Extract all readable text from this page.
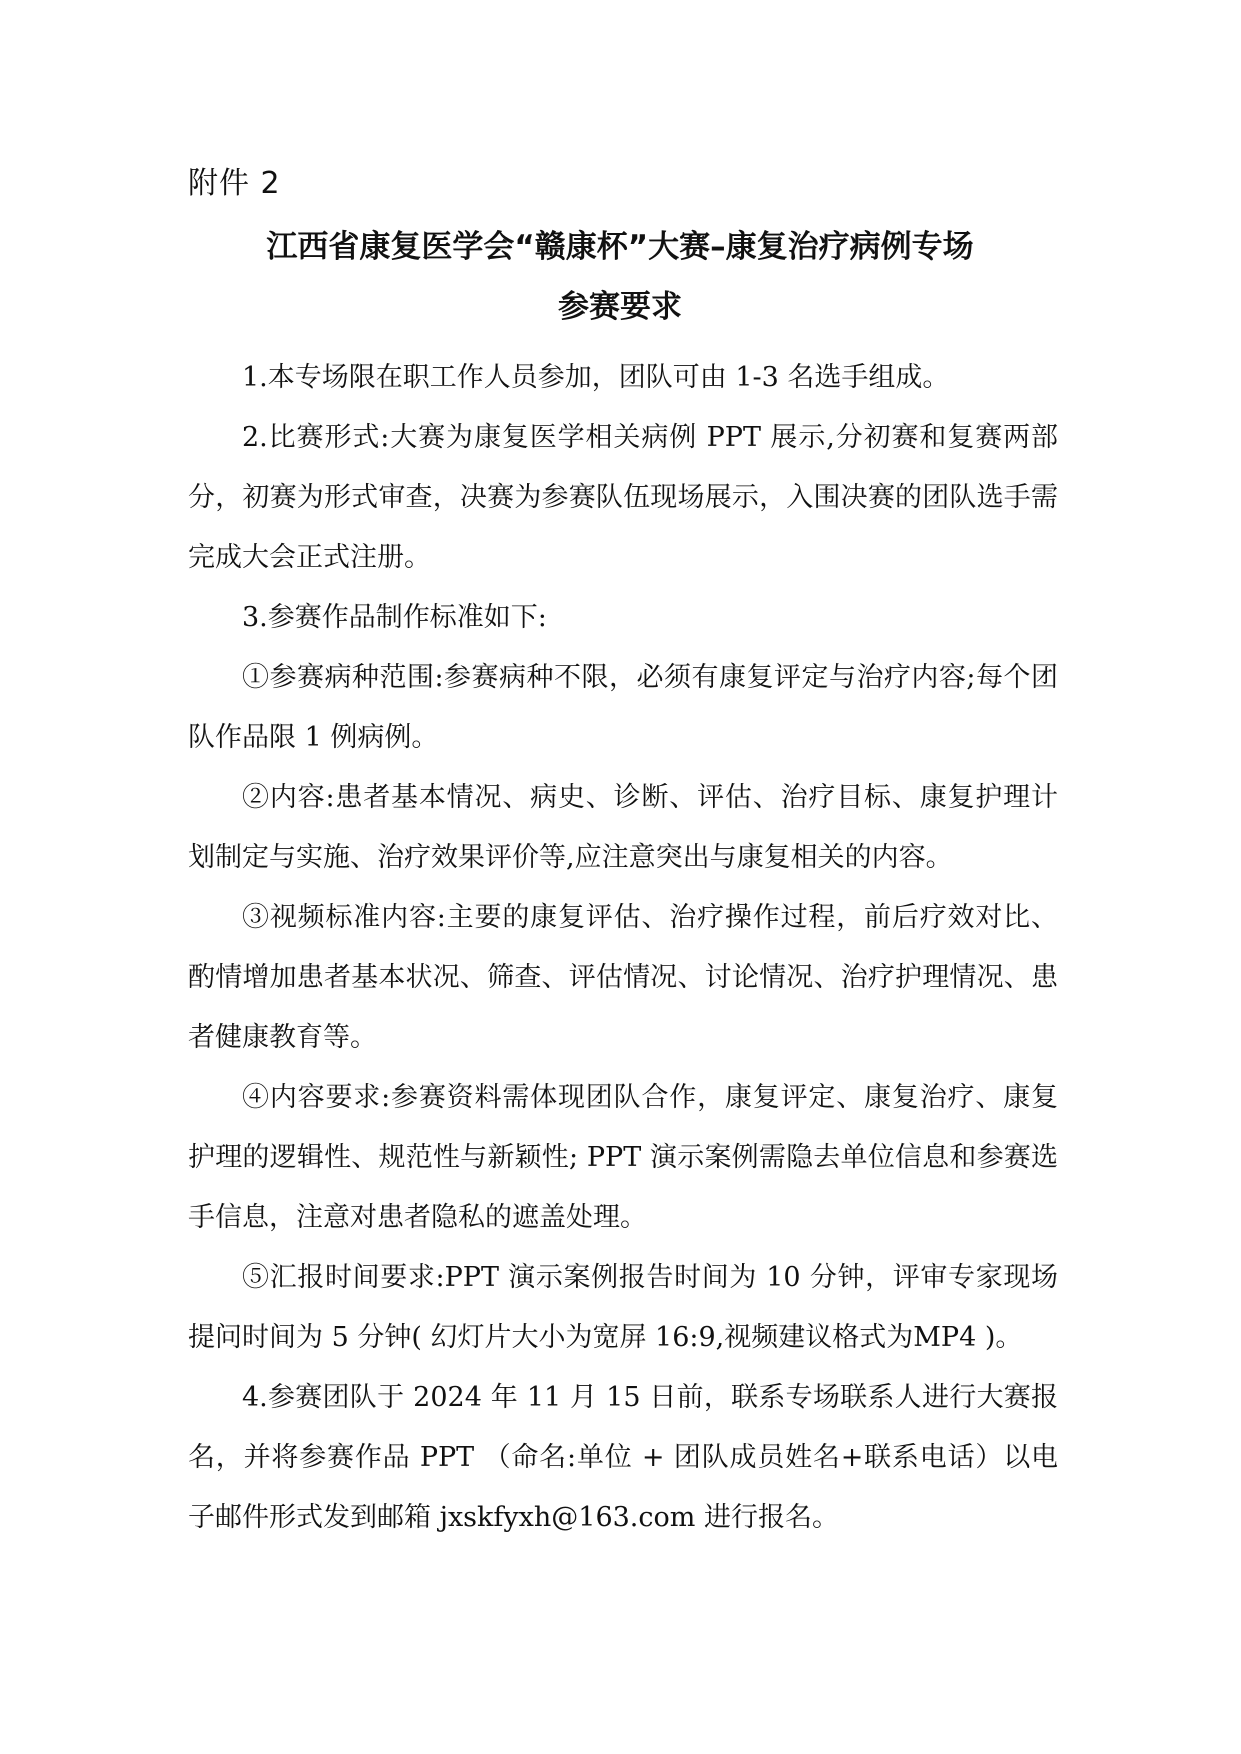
附件 2
江西省康复医学会“赣康杯”大赛–康复治疗病例专场
参赛要求

1.本专场限在职工作人员参加，团队可由 1-3 名选手组成。

2.比赛形式:大赛为康复医学相关病例 PPT 展示,分初赛和复赛两部分，初赛为形式审查，决赛为参赛队伍现场展示，入围决赛的团队选手需完成大会正式注册。

3.参赛作品制作标准如下:

①参赛病种范围:参赛病种不限，必须有康复评定与治疗内容;每个团队作品限 1 例病例。

②内容:患者基本情况、病史、诊断、评估、治疗目标、康复护理计划制定与实施、治疗效果评价等,应注意突出与康复相关的内容。

③视频标准内容:主要的康复评估、治疗操作过程，前后疗效对比、酌情增加患者基本状况、筛查、评估情况、讨论情况、治疗护理情况、患者健康教育等。

④内容要求:参赛资料需体现团队合作，康复评定、康复治疗、康复护理的逻辑性、规范性与新颖性; PPT 演示案例需隐去单位信息和参赛选手信息，注意对患者隐私的遮盖处理。

⑤汇报时间要求:PPT 演示案例报告时间为 10 分钟，评审专家现场提问时间为 5 分钟( 幻灯片大小为宽屏 16:9,视频建议格式为MP4 )。

4.参赛团队于 2024 年 11 月 15 日前，联系专场联系人进行大赛报名，并将参赛作品 PPT （命名:单位 + 团队成员姓名+联系电话）以电子邮件形式发到邮箱 jxskfyxh@163.com 进行报名。
